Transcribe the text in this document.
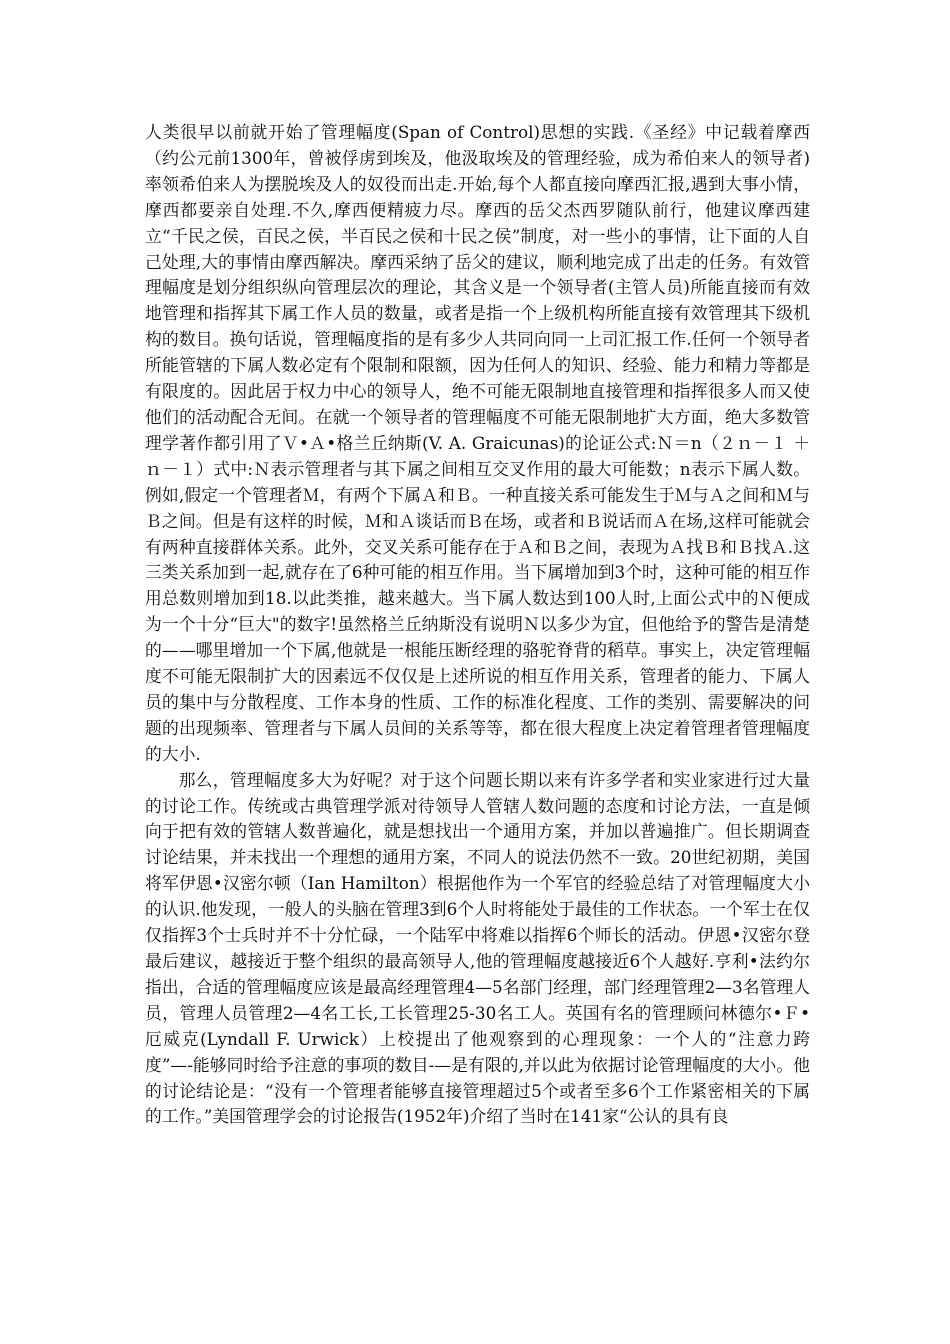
人类很早以前就开始了管理幅度(Span of Control)思想的实践.《圣经》中记载着摩西（约公元前1300年，曾被俘虏到埃及，他汲取埃及的管理经验，成为希伯来人的领导者)率领希伯来人为摆脱埃及人的奴役而出走.开始,每个人都直接向摩西汇报,遇到大事小情，摩西都要亲自处理.不久,摩西便精疲力尽。摩西的岳父杰西罗随队前行，他建议摩西建立“千民之侯，百民之侯，半百民之侯和十民之侯”制度，对一些小的事情，让下面的人自己处理,大的事情由摩西解决。摩西采纳了岳父的建议，顺利地完成了出走的任务。有效管理幅度是划分组织纵向管理层次的理论，其含义是一个领导者(主管人员)所能直接而有效地管理和指挥其下属工作人员的数量，或者是指一个上级机构所能直接有效管理其下级机构的数目。换句话说，管理幅度指的是有多少人共同向同一上司汇报工作.任何一个领导者所能管辖的下属人数必定有个限制和限额，因为任何人的知识、经验、能力和精力等都是有限度的。因此居于权力中心的领导人，绝不可能无限制地直接管理和指挥很多人而又使他们的活动配合无间。在就一个领导者的管理幅度不可能无限制地扩大方面，绝大多数管理学著作都引用了Ｖ•Ａ•格兰丘纳斯(V. A. Graicunas)的论证公式:Ｎ＝n（２ｎ－１ ＋ｎ－１）式中:Ｎ表示管理者与其下属之间相互交叉作用的最大可能数；n表示下属人数。例如,假定一个管理者Ｍ，有两个下属Ａ和Ｂ。一种直接关系可能发生于Ｍ与Ａ之间和Ｍ与Ｂ之间。但是有这样的时候，Ｍ和Ａ谈话而Ｂ在场，或者和Ｂ说话而Ａ在场,这样可能就会有两种直接群体关系。此外，交叉关系可能存在于Ａ和Ｂ之间，表现为Ａ找Ｂ和Ｂ找Ａ.这三类关系加到一起,就存在了6种可能的相互作用。当下属增加到3个时，这种可能的相互作用总数则增加到18.以此类推，越来越大。当下属人数达到100人时,上面公式中的Ｎ便成为一个十分“巨大"的数字!虽然格兰丘纳斯没有说明Ｎ以多少为宜，但他给予的警告是清楚的——哪里增加一个下属,他就是一根能压断经理的骆驼脊背的稻草。事实上，决定管理幅度不可能无限制扩大的因素远不仅仅是上述所说的相互作用关系，管理者的能力、下属人员的集中与分散程度、工作本身的性质、工作的标准化程度、工作的类别、需要解决的问题的出现频率、管理者与下属人员间的关系等等，都在很大程度上决定着管理者管理幅度的大小.

那么，管理幅度多大为好呢？对于这个问题长期以来有许多学者和实业家进行过大量的讨论工作。传统或古典管理学派对待领导人管辖人数问题的态度和讨论方法，一直是倾向于把有效的管辖人数普遍化，就是想找出一个通用方案，并加以普遍推广。但长期调查讨论结果，并未找出一个理想的通用方案，不同人的说法仍然不一致。20世纪初期，美国将军伊恩•汉密尔顿（Ian Hamilton）根据他作为一个军官的经验总结了对管理幅度大小的认识.他发现，一般人的头脑在管理3到6个人时将能处于最佳的工作状态。一个军士在仅仅指挥3个士兵时并不十分忙碌，一个陆军中将难以指挥6个师长的活动。伊恩•汉密尔登最后建议，越接近于整个组织的最高领导人,他的管理幅度越接近6个人越好.亨利•法约尔指出，合适的管理幅度应该是最高经理管理4—5名部门经理，部门经理管理2—3名管理人员，管理人员管理2—4名工长,工长管理25-30名工人。英国有名的管理顾问林德尔•Ｆ•厄威克(Lyndall F. Urwick）上校提出了他观察到的心理现象：一个人的“注意力跨度”—-能够同时给予注意的事项的数目-—是有限的,并以此为依据讨论管理幅度的大小。他的讨论结论是：“没有一个管理者能够直接管理超过5个或者至多6个工作紧密相关的下属的工作。”美国管理学会的讨论报告(1952年)介绍了当时在141家“公认的具有良
